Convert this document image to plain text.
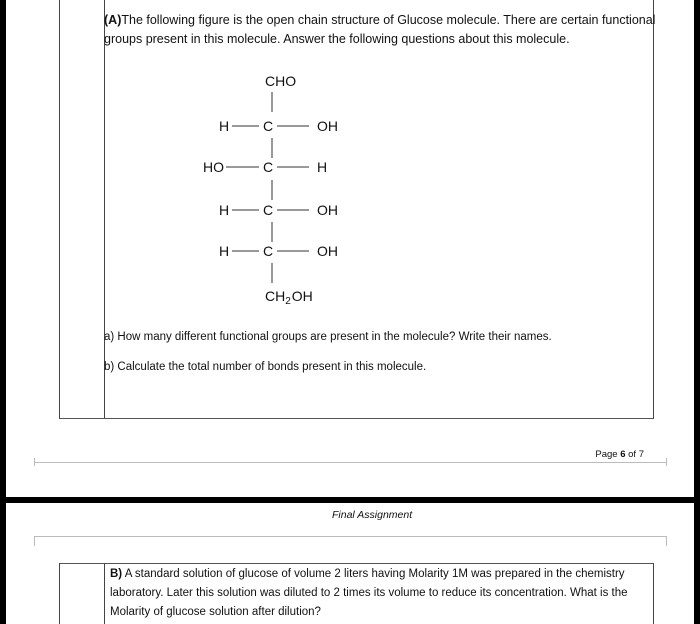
(A)The following figure is the open chain structure of Glucose molecule. There are certain functional groups present in this molecule. Answer the following questions about this molecule.
CHO
H C	OH
HO	C	H
H C	OH
H C	OH
$CH_2OH$
a) How many different functional groups are present in the molecule? Write their names.
b) Calculate the total number of bonds present in this molecule.
Page 6 of 7
Final Assignment
B) A standard solution of glucose of volume 2 liters having Molarity 1M was prepared in the chemistry laboratory. Later this solution was diluted to 2 times its volume to reduce its concentration. What is the Molarity of glucose solution after dilution?
